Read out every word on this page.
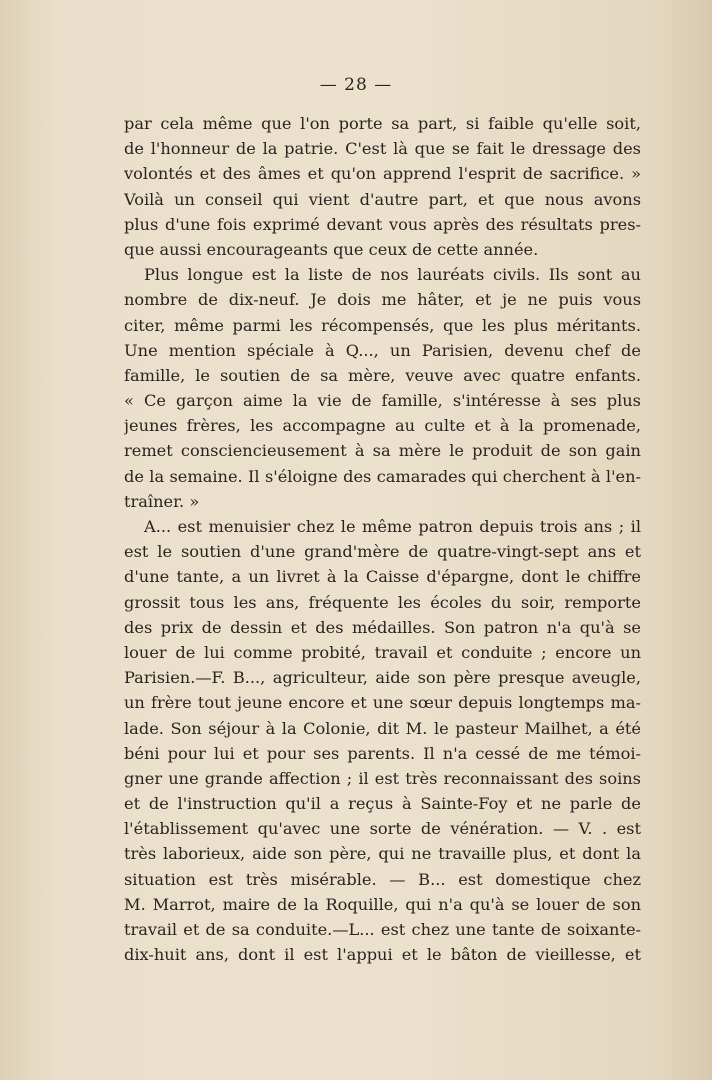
— 28 —
par cela même que l'on porte sa part, si faible qu'elle soit,
de l'honneur de la patrie. C'est là que se fait le dressage des
volontés et des âmes et qu'on apprend l'esprit de sacrifice. »
Voilà un conseil qui vient d'autre part, et que nous avons
plus d'une fois exprimé devant vous après des résultats pres-
que aussi encourageants que ceux de cette année.
Plus longue est la liste de nos lauréats civils. Ils sont au
nombre de dix-neuf. Je dois me hâter, et je ne puis vous
citer, même parmi les récompensés, que les plus méritants.
Une mention spéciale à Q..., un Parisien, devenu chef de
famille, le soutien de sa mère, veuve avec quatre enfants.
« Ce garçon aime la vie de famille, s'intéresse à ses plus
jeunes frères, les accompagne au culte et à la promenade,
remet consciencieusement à sa mère le produit de son gain
de la semaine. Il s'éloigne des camarades qui cherchent à l'en-
traîner. »
A... est menuisier chez le même patron depuis trois ans ; il
est le soutien d'une grand'mère de quatre-vingt-sept ans et
d'une tante, a un livret à la Caisse d'épargne, dont le chiffre
grossit tous les ans, fréquente les écoles du soir, remporte
des prix de dessin et des médailles. Son patron n'a qu'à se
louer de lui comme probité, travail et conduite ; encore un
Parisien.—F. B..., agriculteur, aide son père presque aveugle,
un frère tout jeune encore et une sœur depuis longtemps ma-
lade. Son séjour à la Colonie, dit M. le pasteur Mailhet, a été
béni pour lui et pour ses parents. Il n'a cessé de me témoi-
gner une grande affection ; il est très reconnaissant des soins
et de l'instruction qu'il a reçus à Sainte-Foy et ne parle de
l'établissement qu'avec une sorte de vénération. — V. . est
très laborieux, aide son père, qui ne travaille plus, et dont la
situation est très misérable. — B... est domestique chez
M. Marrot, maire de la Roquille, qui n'a qu'à se louer de son
travail et de sa conduite.—L... est chez une tante de soixante-
dix-huit ans, dont il est l'appui et le bâton de vieillesse, et
